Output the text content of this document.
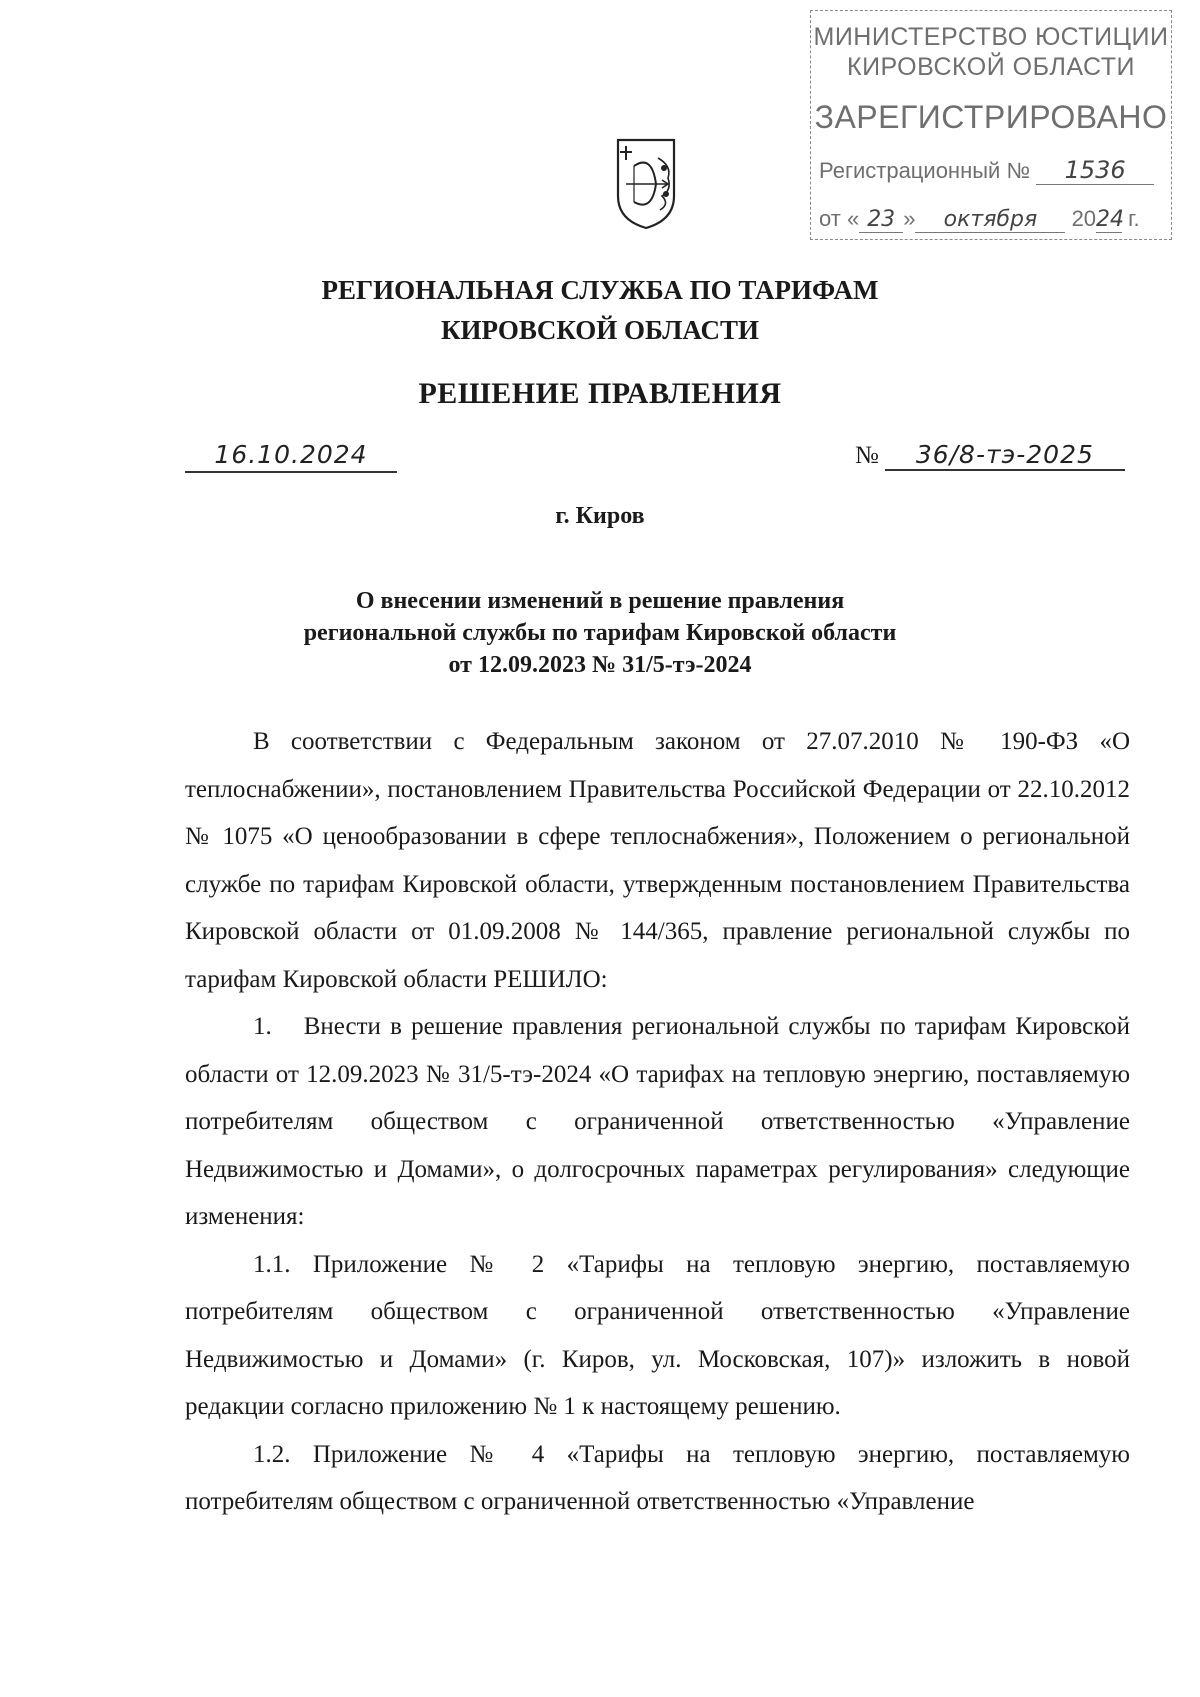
МИНИСТЕРСТВО ЮСТИЦИИ
КИРОВСКОЙ ОБЛАСТИ
ЗАРЕГИСТРИРОВАНО
Регистрационный № 1536
от « 23 » октября 2024 г.
РЕГИОНАЛЬНАЯ СЛУЖБА ПО ТАРИФАМ
КИРОВСКОЙ ОБЛАСТИ
РЕШЕНИЕ ПРАВЛЕНИЯ
16.10.2024	№ 36/8-тэ-2025
г. Киров
О внесении изменений в решение правления
региональной службы по тарифам Кировской области
от 12.09.2023 № 31/5-тэ-2024

В соответствии с Федеральным законом от 27.07.2010 № 190-ФЗ «О теплоснабжении», постановлением Правительства Российской Федерации от 22.10.2012 № 1075 «О ценообразовании в сфере теплоснабжения», Положением о региональной службе по тарифам Кировской области, утвержденным постановлением Правительства Кировской области от 01.09.2008 № 144/365, правление региональной службы по тарифам Кировской области РЕШИЛО:

1. Внести в решение правления региональной службы по тарифам Кировской области от 12.09.2023 № 31/5-тэ-2024 «О тарифах на тепловую энергию, поставляемую потребителям обществом с ограниченной ответственностью «Управление Недвижимостью и Домами», о долгосрочных параметрах регулирования» следующие изменения:

1.1. Приложение № 2 «Тарифы на тепловую энергию, поставляемую потребителям обществом с ограниченной ответственностью «Управление Недвижимостью и Домами» (г. Киров, ул. Московская, 107)» изложить в новой редакции согласно приложению № 1 к настоящему решению.

1.2. Приложение № 4 «Тарифы на тепловую энергию, поставляемую потребителям обществом с ограниченной ответственностью «Управление
